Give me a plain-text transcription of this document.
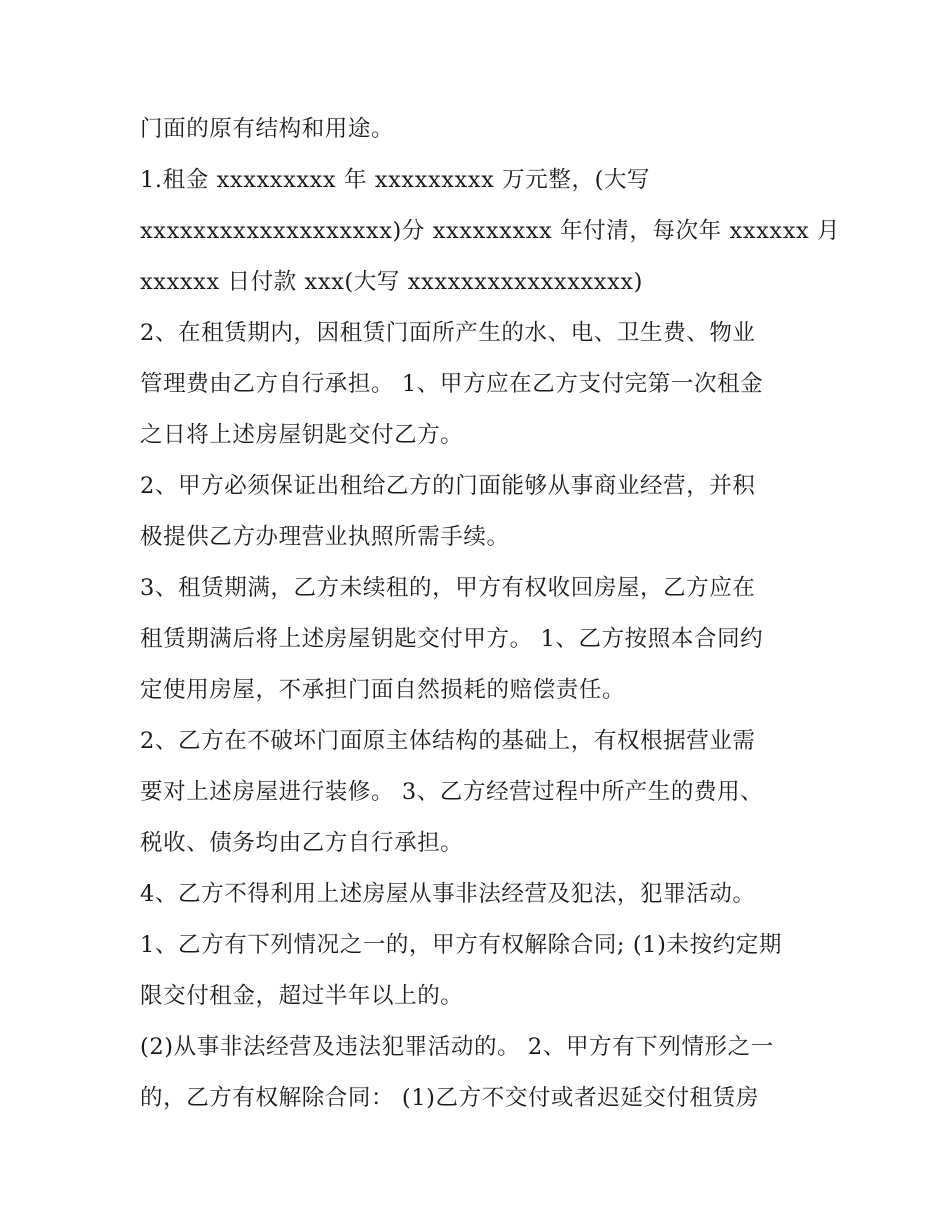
门面的原有结构和用途。
1.租金 xxxxxxxxx 年 xxxxxxxxx 万元整，(大写
xxxxxxxxxxxxxxxxxxx)分 xxxxxxxxx 年付清，每次年 xxxxxx 月
xxxxxx 日付款 xxx(大写 xxxxxxxxxxxxxxxxx)
2、在租赁期内，因租赁门面所产生的水、电、卫生费、物业
管理费由乙方自行承担。 1、甲方应在乙方支付完第一次租金
之日将上述房屋钥匙交付乙方。
2、甲方必须保证出租给乙方的门面能够从事商业经营，并积
极提供乙方办理营业执照所需手续。
3、租赁期满，乙方未续租的，甲方有权收回房屋，乙方应在
租赁期满后将上述房屋钥匙交付甲方。 1、乙方按照本合同约
定使用房屋，不承担门面自然损耗的赔偿责任。
2、乙方在不破坏门面原主体结构的基础上，有权根据营业需
要对上述房屋进行装修。 3、乙方经营过程中所产生的费用、
税收、债务均由乙方自行承担。
4、乙方不得利用上述房屋从事非法经营及犯法，犯罪活动。
1、乙方有下列情况之一的，甲方有权解除合同; (1)未按约定期
限交付租金，超过半年以上的。
(2)从事非法经营及违法犯罪活动的。 2、甲方有下列情形之一
的，乙方有权解除合同： (1)乙方不交付或者迟延交付租赁房
